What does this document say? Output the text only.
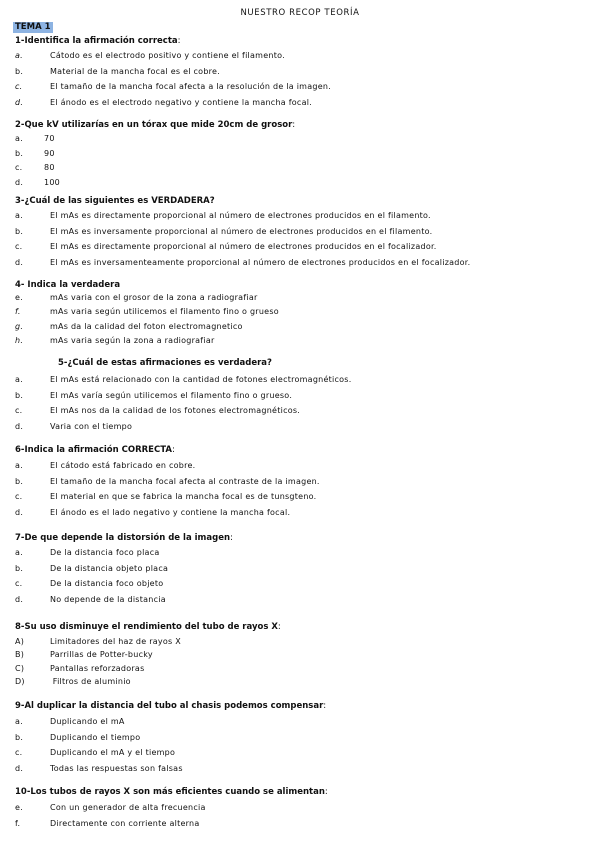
NUESTRO RECOP TEORÍA
TEMA 1
1-Identifica la afirmación correcta:
a.	Cátodo es el electrodo positivo y contiene el filamento.
b.	Material de la mancha focal es el cobre.
c.	El tamaño de la mancha focal afecta a la resolución de la imagen.
d.	El ánodo es el electrodo negativo y contiene la mancha focal.
2-Que kV utilizarías en un tórax que mide 20cm de grosor:
a.	70
b.	90
c.	80
d.	100
3-¿Cuál de las siguientes es VERDADERA?
a.	El mAs es directamente proporcional al número de electrones producidos en el filamento.
b.	El mAs es inversamente proporcional al número de electrones producidos en el filamento.
c.	El mAs es directamente proporcional al número de electrones producidos en el focalizador.
d.	El mAs es inversamenteamente proporcional al número de electrones producidos en el focalizador.
4- Indica la verdadera
e.	mAs varia con el grosor de la zona a radiografiar
f.	mAs varia según utilicemos el filamento fino o grueso
g.	mAs da la calidad del foton electromagnetico
h.	mAs varia según la zona a radiografiar
5-¿Cuál de estas afirmaciones es verdadera?
a.	El mAs está relacionado con la cantidad de fotones electromagnéticos.
b.	El mAs varía según utilicemos el filamento fino o grueso.
c.	El mAs nos da la calidad de los fotones electromagnéticos.
d.	Varia con el tiempo
6-Indica la afirmación CORRECTA:
a.	El cátodo está fabricado en cobre.
b.	El tamaño de la mancha focal afecta al contraste de la imagen.
c.	El material en que se fabrica la mancha focal es de tunsgteno.
d.	El ánodo es el lado negativo y contiene la mancha focal.
7-De que depende la distorsión de la imagen:
a.	De la distancia foco placa
b.	De la distancia objeto placa
c.	De la distancia foco objeto
d.	No depende de la distancia
8-Su uso disminuye el rendimiento del tubo de rayos X:
A)	Limitadores del haz de rayos X
B)	Parrillas de Potter-bucky
C)	Pantallas reforzadoras
D)	Filtros de aluminio
9-Al duplicar la distancia del tubo al chasis podemos compensar:
a.	Duplicando el mA
b.	Duplicando el tiempo
c.	Duplicando el mA y el tiempo
d.	Todas las respuestas son falsas
10-Los tubos de rayos X son más eficientes cuando se alimentan:
e.	Con un generador de alta frecuencia
f.	Directamente con corriente alterna
